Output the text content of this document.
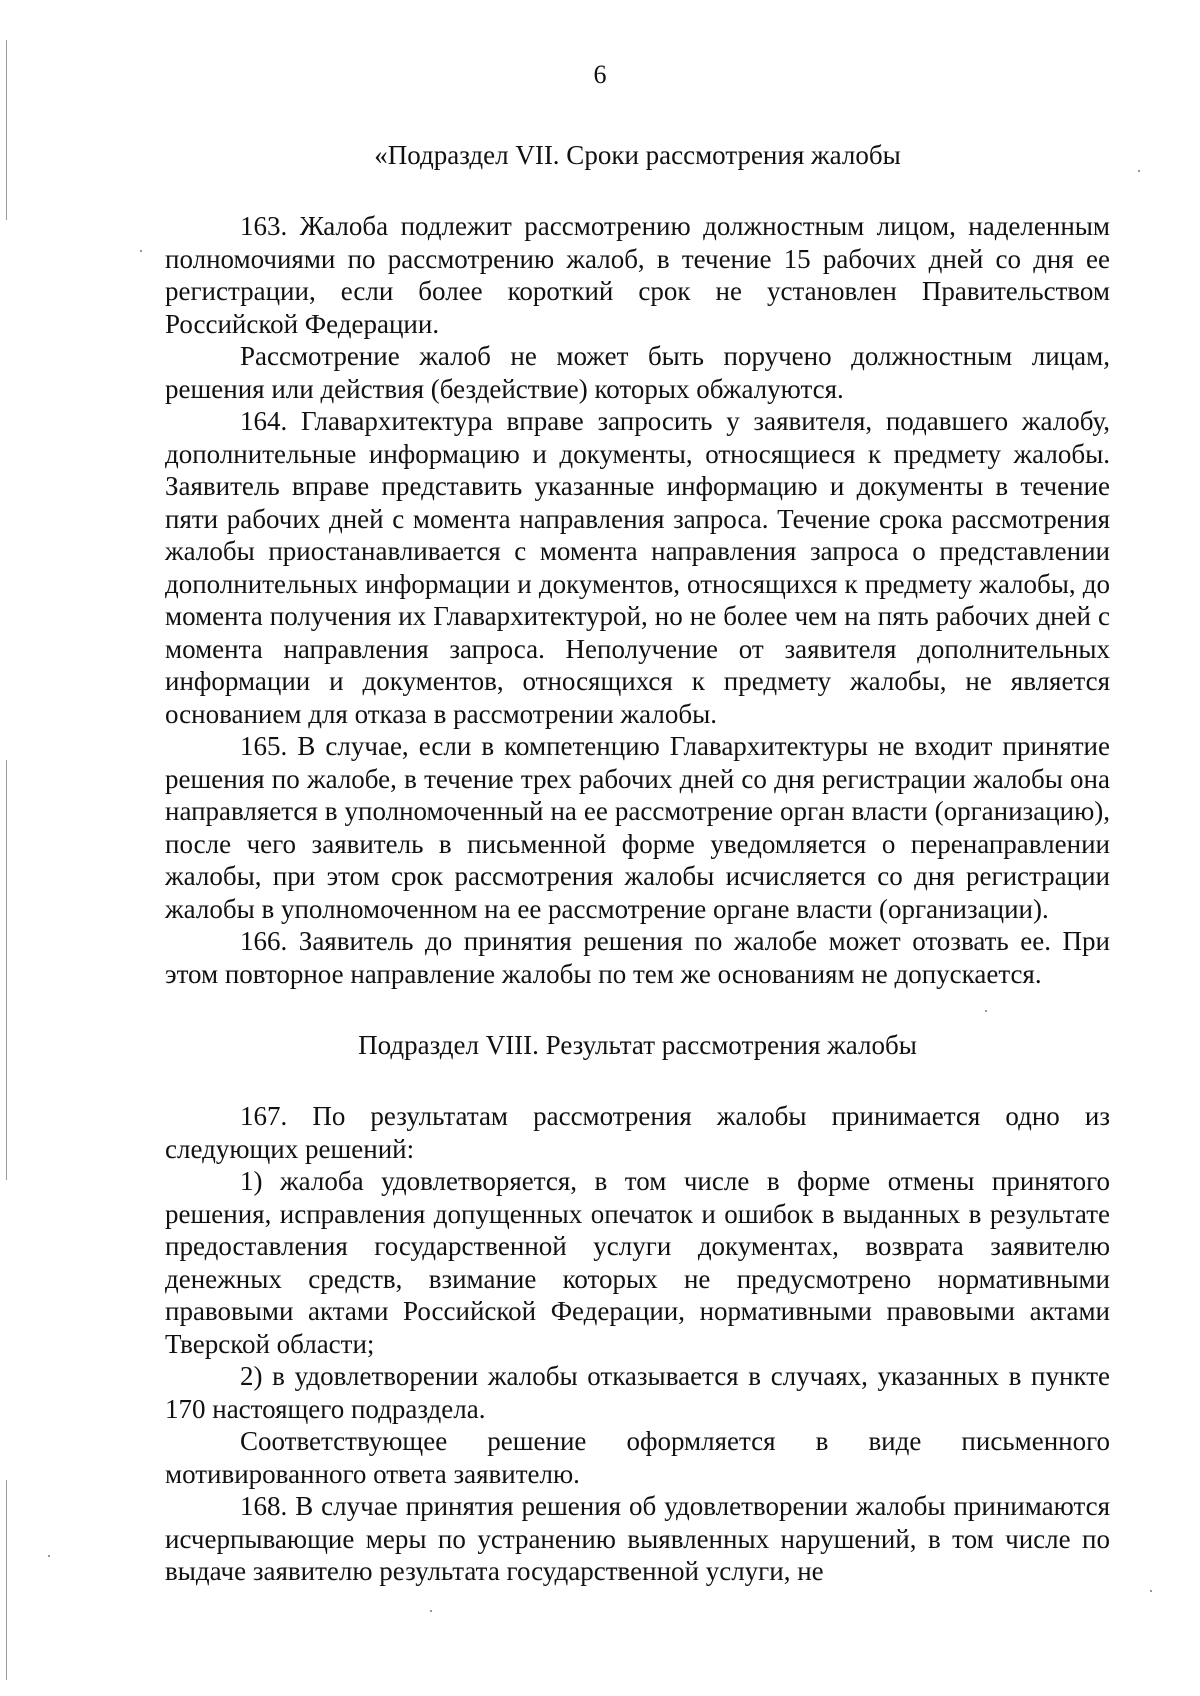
6
«Подраздел VII. Сроки рассмотрения жалобы

163. Жалоба подлежит рассмотрению должностным лицом, наделенным полномочиями по рассмотрению жалоб, в течение 15 рабочих дней со дня ее регистрации, если более короткий срок не установлен Правительством Российской Федерации.

Рассмотрение жалоб не может быть поручено должностным лицам, решения или действия (бездействие) которых обжалуются.

164. Главархитектура вправе запросить у заявителя, подавшего жалобу, дополнительные информацию и документы, относящиеся к предмету жалобы. Заявитель вправе представить указанные информацию и документы в течение пяти рабочих дней с момента направления запроса. Течение срока рассмотрения жалобы приостанавливается с момента направления запроса о представлении дополнительных информации и документов, относящихся к предмету жалобы, до момента получения их Главархитектурой, но не более чем на пять рабочих дней с момента направления запроса. Неполучение от заявителя дополнительных информации и документов, относящихся к предмету жалобы, не является основанием для отказа в рассмотрении жалобы.

165. В случае, если в компетенцию Главархитектуры не входит принятие решения по жалобе, в течение трех рабочих дней со дня регистрации жалобы она направляется в уполномоченный на ее рассмотрение орган власти (организацию), после чего заявитель в письменной форме уведомляется о перенаправлении жалобы, при этом срок рассмотрения жалобы исчисляется со дня регистрации жалобы в уполномоченном на ее рассмотрение органе власти (организации).

166. Заявитель до принятия решения по жалобе может отозвать ее. При этом повторное направление жалобы по тем же основаниям не допускается.

Подраздел VIII. Результат рассмотрения жалобы

167. По результатам рассмотрения жалобы принимается одно из следующих решений:

1) жалоба удовлетворяется, в том числе в форме отмены принятого решения, исправления допущенных опечаток и ошибок в выданных в результате предоставления государственной услуги документах, возврата заявителю денежных средств, взимание которых не предусмотрено нормативными правовыми актами Российской Федерации, нормативными правовыми актами Тверской области;

2) в удовлетворении жалобы отказывается в случаях, указанных в пункте 170 настоящего подраздела.

Соответствующее решение оформляется в виде письменного мотивированного ответа заявителю.

168. В случае принятия решения об удовлетворении жалобы принимаются исчерпывающие меры по устранению выявленных нарушений, в том числе по выдаче заявителю результата государственной услуги, не
